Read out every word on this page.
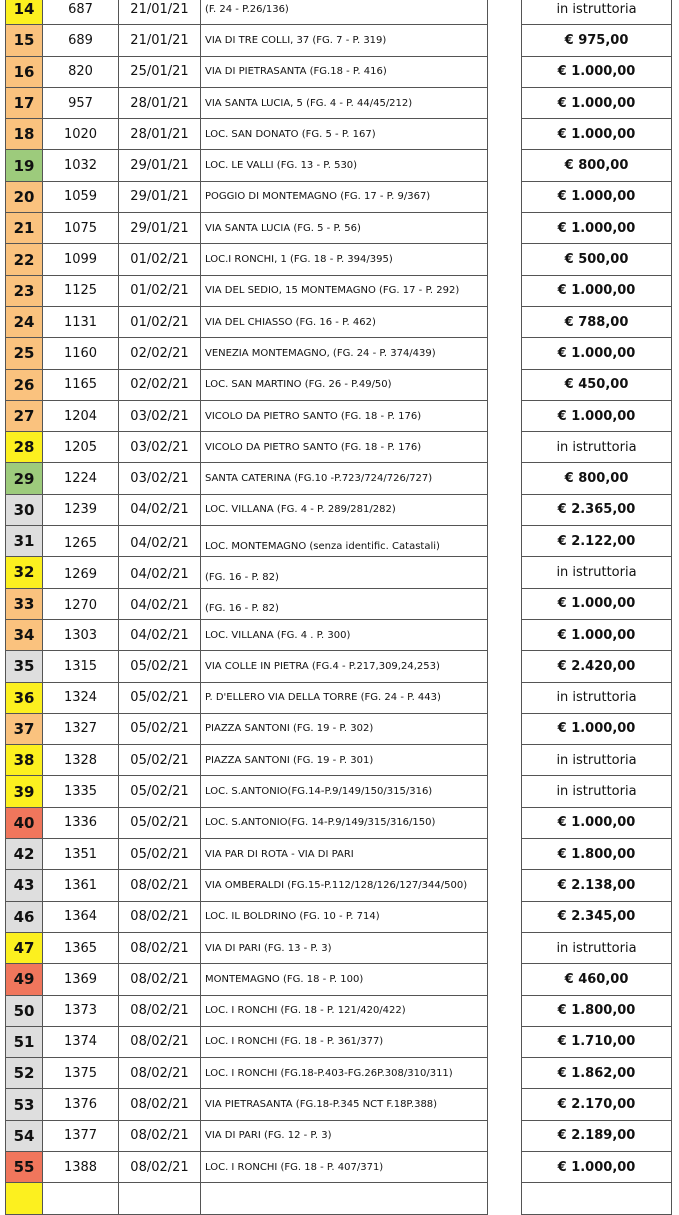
14	687	21/01/21	(F. 24 - P.26/136)	in istruttoria
15	689	21/01/21	VIA DI TRE COLLI, 37 (FG. 7 - P. 319)	€ 975,00
16	820	25/01/21	VIA DI PIETRASANTA (FG.18 - P. 416)	€ 1.000,00
17	957	28/01/21	VIA SANTA LUCIA, 5 (FG. 4 - P. 44/45/212)	€ 1.000,00
18	1020	28/01/21	LOC. SAN DONATO (FG. 5 - P. 167)	€ 1.000,00
19	1032	29/01/21	LOC. LE VALLI (FG. 13 - P. 530)	€ 800,00
20	1059	29/01/21	POGGIO DI MONTEMAGNO (FG. 17 - P. 9/367)	€ 1.000,00
21	1075	29/01/21	VIA SANTA LUCIA (FG. 5 - P. 56)	€ 1.000,00
22	1099	01/02/21	LOC.I RONCHI, 1 (FG. 18 - P. 394/395)	€ 500,00
23	1125	01/02/21	VIA DEL SEDIO, 15 MONTEMAGNO (FG. 17 - P. 292)	€ 1.000,00
24	1131	01/02/21	VIA DEL CHIASSO (FG. 16 - P. 462)	€ 788,00
25	1160	02/02/21	VENEZIA MONTEMAGNO, (FG. 24 - P. 374/439)	€ 1.000,00
26	1165	02/02/21	LOC. SAN MARTINO (FG. 26 - P.49/50)	€ 450,00
27	1204	03/02/21	VICOLO DA PIETRO SANTO (FG. 18 - P. 176)	€ 1.000,00
28	1205	03/02/21	VICOLO DA PIETRO SANTO (FG. 18 - P. 176)	in istruttoria
29	1224	03/02/21	SANTA CATERINA (FG.10 -P.723/724/726/727)	€ 800,00
30	1239	04/02/21	LOC. VILLANA (FG. 4 - P. 289/281/282)	€ 2.365,00
31	1265	04/02/21	LOC. MONTEMAGNO (senza identific. Catastali)	€ 2.122,00
32	1269	04/02/21	(FG. 16 - P. 82)	in istruttoria
33	1270	04/02/21	(FG. 16 - P. 82)	€ 1.000,00
34	1303	04/02/21	LOC. VILLANA (FG. 4 . P. 300)	€ 1.000,00
35	1315	05/02/21	VIA COLLE IN PIETRA (FG.4 - P.217,309,24,253)	€ 2.420,00
36	1324	05/02/21	P. D'ELLERO VIA DELLA TORRE (FG. 24 - P. 443)	in istruttoria
37	1327	05/02/21	PIAZZA SANTONI (FG. 19 - P. 302)	€ 1.000,00
38	1328	05/02/21	PIAZZA SANTONI (FG. 19 - P. 301)	in istruttoria
39	1335	05/02/21	LOC. S.ANTONIO(FG.14-P.9/149/150/315/316)	in istruttoria
40	1336	05/02/21	LOC. S.ANTONIO(FG. 14-P.9/149/315/316/150)	€ 1.000,00
42	1351	05/02/21	VIA PAR DI ROTA - VIA DI PARI	€ 1.800,00
43	1361	08/02/21	VIA OMBERALDI (FG.15-P.112/128/126/127/344/500)	€ 2.138,00
46	1364	08/02/21	LOC. IL BOLDRINO (FG. 10 - P. 714)	€ 2.345,00
47	1365	08/02/21	VIA DI PARI (FG. 13 - P. 3)	in istruttoria
49	1369	08/02/21	MONTEMAGNO (FG. 18 - P. 100)	€ 460,00
50	1373	08/02/21	LOC. I RONCHI (FG. 18 - P. 121/420/422)	€ 1.800,00
51	1374	08/02/21	LOC. I RONCHI (FG. 18 - P. 361/377)	€ 1.710,00
52	1375	08/02/21	LOC. I RONCHI (FG.18-P.403-FG.26P.308/310/311)	€ 1.862,00
53	1376	08/02/21	VIA PIETRASANTA (FG.18-P.345 NCT F.18P.388)	€ 2.170,00
54	1377	08/02/21	VIA DI PARI (FG. 12 - P. 3)	€ 2.189,00
55	1388	08/02/21	LOC. I RONCHI (FG. 18 - P. 407/371)	€ 1.000,00
